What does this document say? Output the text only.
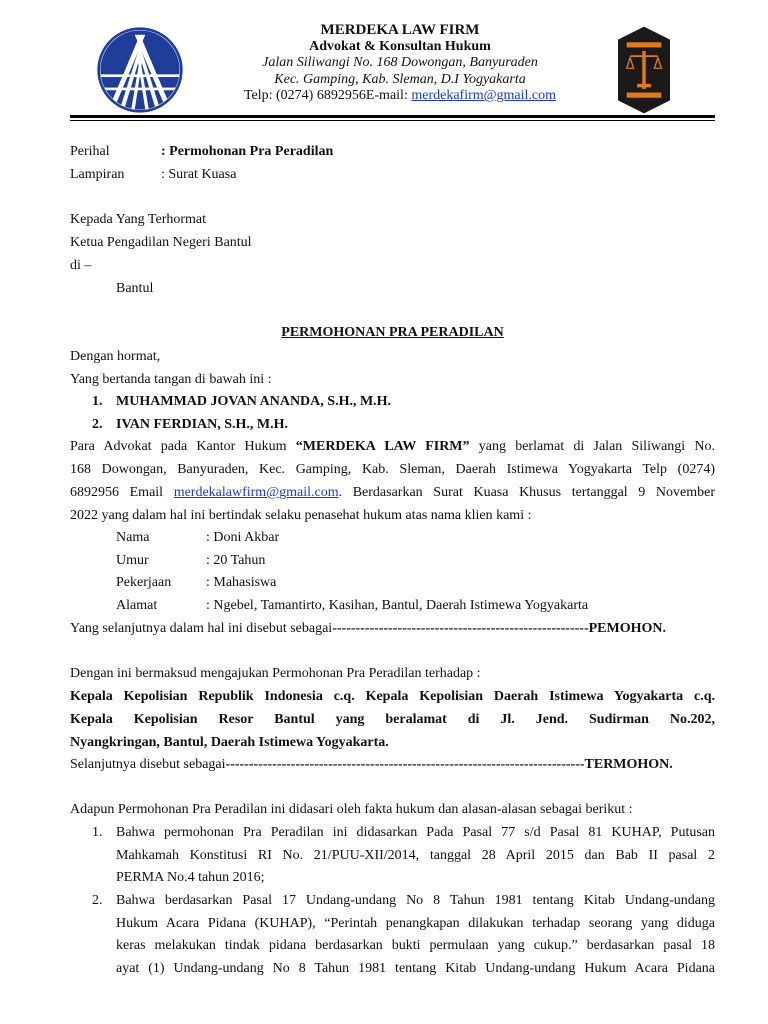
MERDEKA LAW FIRM
Advokat & Konsultan Hukum
Jalan Siliwangi No. 168 Dowongan, Banyuraden
Kec. Gamping, Kab. Sleman, D.I Yogyakarta
Telp: (0274) 6892956E-mail: merdekafirm@gmail.com
Perihal	: Permohonan Pra Peradilan
Lampiran	: Surat Kuasa
Kepada Yang Terhormat
Ketua Pengadilan Negeri Bantul
di –
Bantul
PERMOHONAN PRA PERADILAN
Dengan hormat,
Yang bertanda tangan di bawah ini :
1. MUHAMMAD JOVAN ANANDA, S.H., M.H.
2. IVAN FERDIAN, S.H., M.H.
Para Advokat pada Kantor Hukum “MERDEKA LAW FIRM” yang berlamat di Jalan Siliwangi No.
168 Dowongan, Banyuraden, Kec. Gamping, Kab. Sleman, Daerah Istimewa Yogyakarta Telp (0274)
6892956 Email merdekalawfirm@gmail.com. Berdasarkan Surat Kuasa Khusus tertanggal 9 November
2022 yang dalam hal ini bertindak selaku penasehat hukum atas nama klien kami :
Nama	: Doni Akbar
Umur	: 20 Tahun
Pekerjaan : Mahasiswa
Alamat	: Ngebel, Tamantirto, Kasihan, Bantul, Daerah Istimewa Yogyakarta
Yang selanjutnya dalam hal ini disebut sebagai-------------------------------------------------------PEMOHON.
Dengan ini bermaksud mengajukan Permohonan Pra Peradilan terhadap :
Kepala Kepolisian Republik Indonesia c.q. Kepala Kepolisian Daerah Istimewa Yogyakarta c.q.
Kepala Kepolisian Resor Bantul yang beralamat di Jl. Jend. Sudirman No.202,
Nyangkringan, Bantul, Daerah Istimewa Yogyakarta.
Selanjutnya disebut sebagai-----------------------------------------------------------------------------TERMOHON.
Adapun Permohonan Pra Peradilan ini didasari oleh fakta hukum dan alasan-alasan sebagai berikut :
1. Bahwa permohonan Pra Peradilan ini didasarkan Pada Pasal 77 s/d Pasal 81 KUHAP, Putusan
Mahkamah Konstitusi RI No. 21/PUU-XII/2014, tanggal 28 April 2015 dan Bab II pasal 2
PERMA No.4 tahun 2016;
2. Bahwa berdasarkan Pasal 17 Undang-undang No 8 Tahun 1981 tentang Kitab Undang-undang
Hukum Acara Pidana (KUHAP), “Perintah penangkapan dilakukan terhadap seorang yang diduga
keras melakukan tindak pidana berdasarkan bukti permulaan yang cukup.” berdasarkan pasal 18
ayat (1) Undang-undang No 8 Tahun 1981 tentang Kitab Undang-undang Hukum Acara Pidana
